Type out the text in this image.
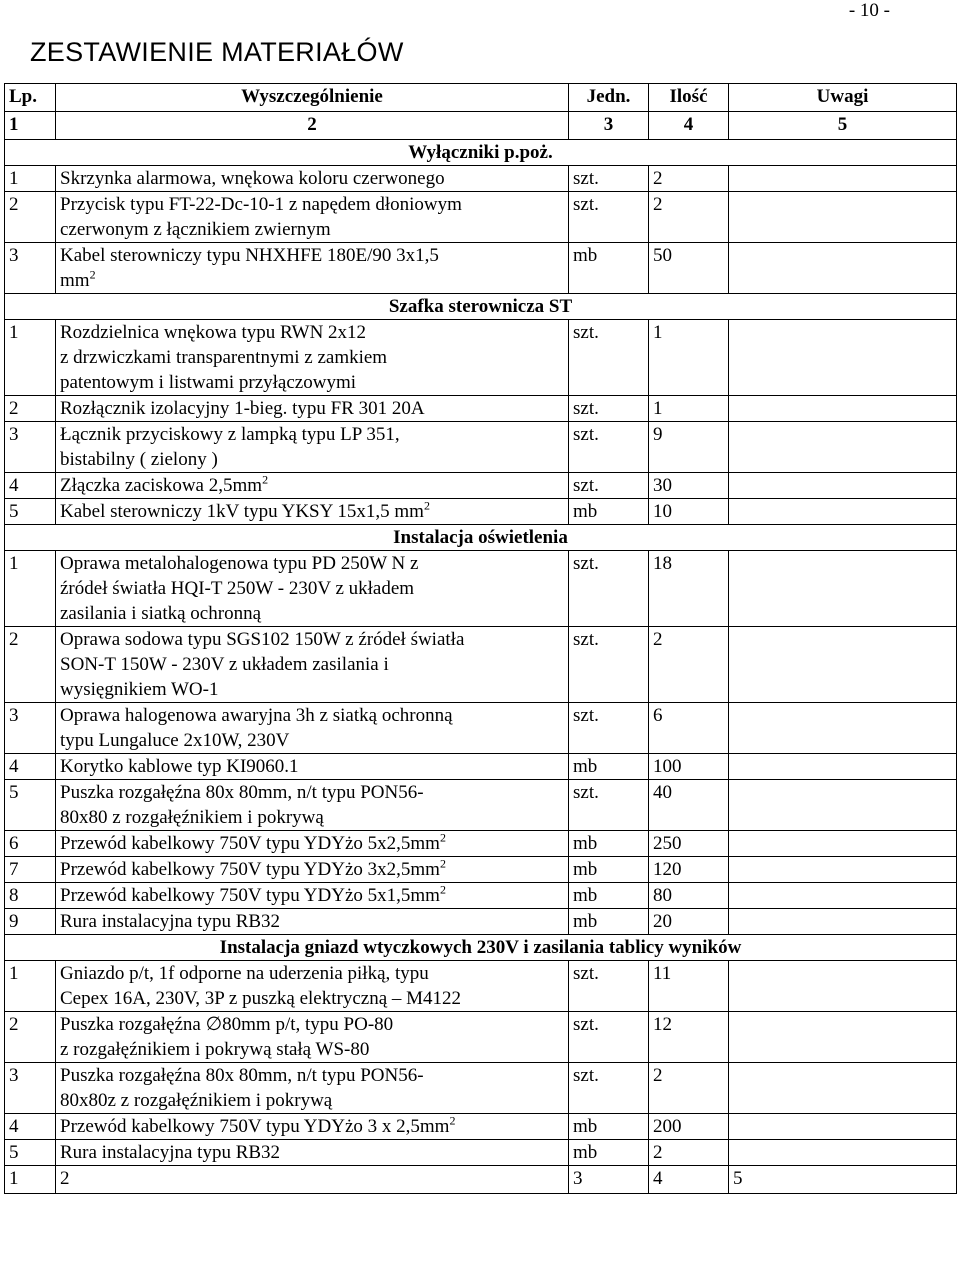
- 10 -
ZESTAWIENIE MATERIAŁÓW
Lp.	Wyszczególnienie	Jedn.	Ilość	Uwagi
1	2	3	4	5
Wyłączniki p.poż.				
1	Skrzynka alarmowa, wnękowa koloru czerwonego	szt.	2	
2	Przycisk typu FT-22-Dc-10-1 z napędem dłoniowym
czerwonym z łącznikiem zwiernym	szt.	2	
3	Kabel sterowniczy typu NHXHFE 180E/90 3x1,5
$mm^2$	mb	50	
Szafka sterownicza ST				
1	Rozdzielnica wnękowa typu RWN 2x12
z drzwiczkami transparentnymi z zamkiem
patentowym i listwami przyłączowymi	szt.	1	
2	Rozłącznik izolacyjny 1-bieg. typu FR 301 20A	szt.	1	
3	Łącznik przyciskowy z lampką typu LP 351,
bistabilny ( zielony )	szt.	9	
4	Złączka zaciskowa $2,5mm^2$	szt.	30	
5	Kabel sterowniczy 1kV typu YKSY 15x1,5 $mm^2$	mb	10	
Instalacja oświetlenia				
1	Oprawa metalohalogenowa typu PD 250W N z
źródeł światła HQI-T 250W - 230V z układem
zasilania i siatką ochronną	szt.	18	
2	Oprawa sodowa typu SGS102 150W z źródeł światła
SON-T 150W - 230V z układem zasilania i
wysięgnikiem WO-1	szt.	2	
3	Oprawa halogenowa awaryjna 3h z siatką ochronną
typu Lungaluce 2x10W, 230V	szt.	6	
4	Korytko kablowe typ KI9060.1	mb	100	
5	Puszka rozgałęźna 80x 80mm, n/t typu PON56-
80x80 z rozgałęźnikiem i pokrywą	szt.	40	
6	Przewód kabelkowy 750V typu YDYżo $5x2,5mm^2$	mb	250	
7	Przewód kabelkowy 750V typu YDYżo $3x2,5mm^2$	mb	120	
8	Przewód kabelkowy 750V typu YDYżo $5x1,5mm^2$	mb	80	
9	Rura instalacyjna typu RB32	mb	20	
Instalacja gniazd wtyczkowych 230V i zasilania tablicy wyników				
1	Gniazdo p/t, 1f odporne na uderzenia piłką, typu
Cepex 16A, 230V, 3P z puszką elektryczną – M4122	szt.	11	
2	Puszka rozgałęźna ∅80mm p/t, typu PO-80
z rozgałęźnikiem i pokrywą stałą WS-80	szt.	12	
3	Puszka rozgałęźna 80x 80mm, n/t typu PON56-
80x80z z rozgałęźnikiem i pokrywą	szt.	2	
4	Przewód kabelkowy 750V typu YDYżo 3 x $2,5mm^2$	mb	200	
5	Rura instalacyjna typu RB32	mb	2	
1	2	3	4	5
